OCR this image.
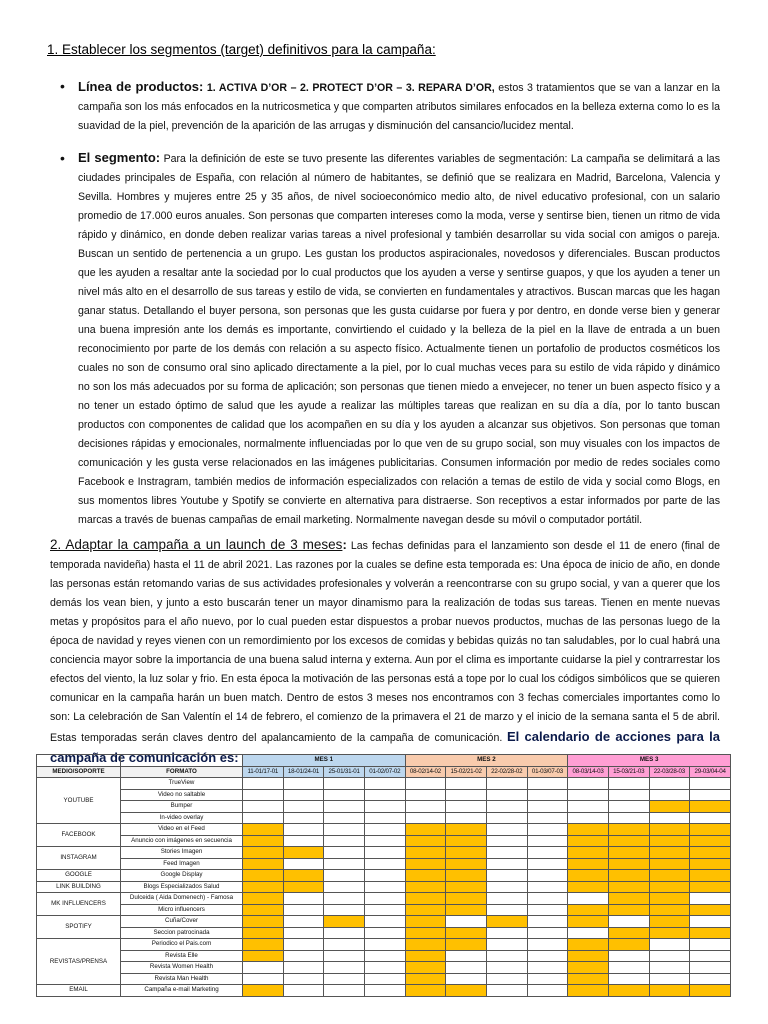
1. Establecer los segmentos (target) definitivos para la campaña:
• Línea de productos: 1. ACTIVA D’OR – 2. PROTECT D’OR – 3. REPARA D’OR, estos 3 tratamientos que se van a lanzar en la campaña son los más enfocados en la nutricosmetica y que comparten atributos similares enfocados en la belleza externa como lo es la suavidad de la piel, prevención de la aparición de las arrugas y disminución del cansancio/lucidez mental.
• El segmento: Para la definición de este se tuvo presente las diferentes variables de segmentación: La campaña se delimitará a las ciudades principales de España, con relación al número de habitantes, se definió que se realizara en Madrid, Barcelona, Valencia y Sevilla. Hombres y mujeres entre 25 y 35 años, de nivel socioeconómico medio alto, de nivel educativo profesional, con un salario promedio de 17.000 euros anuales. Son personas que comparten intereses como la moda, verse y sentirse bien, tienen un ritmo de vida rápido y dinámico, en donde deben realizar varias tareas a nivel profesional y también desarrollar su vida social con amigos o pareja. Buscan un sentido de pertenencia a un grupo. Les gustan los productos aspiracionales, novedosos y diferenciales. Buscan productos que les ayuden a resaltar ante la sociedad por lo cual productos que los ayuden a verse y sentirse guapos, y que los ayuden a tener un nivel más alto en el desarrollo de sus tareas y estilo de vida, se convierten en fundamentales y atractivos. Buscan marcas que les hagan ganar status. Detallando el buyer persona, son personas que les gusta cuidarse por fuera y por dentro, en donde verse bien y generar una buena impresión ante los demás es importante, convirtiendo el cuidado y la belleza de la piel en la llave de entrada a un buen reconocimiento por parte de los demás con relación a su aspecto físico. Actualmente tienen un portafolio de productos cosméticos los cuales no son de consumo oral sino aplicado directamente a la piel, por lo cual muchas veces para su estilo de vida rápido y dinámico no son los más adecuados por su forma de aplicación; son personas que tienen miedo a envejecer, no tener un buen aspecto físico y a no tener un estado óptimo de salud que les ayude a realizar las múltiples tareas que realizan en su día a día, por lo tanto buscan productos con componentes de calidad que los acompañen en su día y los ayuden a alcanzar sus objetivos. Son personas que toman decisiones rápidas y emocionales, normalmente influenciadas por lo que ven de su grupo social, son muy visuales con los impactos de comunicación y les gusta verse relacionados en las imágenes publicitarias. Consumen información por medio de redes sociales como Facebook e Instragram, también medios de información especializados con relación a temas de estilo de vida y social como Blogs, en sus momentos libres Youtube y Spotify se convierte en alternativa para distraerse. Son receptivos a estar informados por parte de las marcas a través de buenas campañas de email marketing. Normalmente navegan desde su móvil o computador portátil.
2. Adaptar la campaña a un launch de 3 meses: Las fechas definidas para el lanzamiento son desde el 11 de enero (final de temporada navideña) hasta el 11 de abril 2021. Las razones por la cuales se define esta temporada es: Una época de inicio de año, en donde las personas están retomando varias de sus actividades profesionales y volverán a reencontrarse con su grupo social, y van a querer que los demás los vean bien, y junto a esto buscarán tener un mayor dinamismo para la realización de todas sus tareas. Tienen en mente nuevas metas y propósitos para el año nuevo, por lo cual pueden estar dispuestos a probar nuevos productos, muchas de las personas luego de la época de navidad y reyes vienen con un remordimiento por los excesos de comidas y bebidas quizás no tan saludables, por lo cual habrá una conciencia mayor sobre la importancia de una buena salud interna y externa. Aun por el clima es importante cuidarse la piel y contrarrestar los efectos del viento, la luz solar y frio. En esta época la motivación de las personas está a tope por lo cual los códigos simbólicos que se quieren comunicar en la campaña harán un buen match. Dentro de estos 3 meses nos encontramos con 3 fechas comerciales importantes como lo son: La celebración de San Valentín el 14 de febrero, el comienzo de la primavera el 21 de marzo y el inicio de la semana santa el 5 de abril. Estas temporadas serán claves dentro del apalancamiento de la campaña de comunicación. El calendario de acciones para la campaña de comunicación es:
			MES 1				MES 2				MES 3			
MEDIO/SOPORTE	FORMATO	11-01/17-01	18-01/24-01	25-01/31-01	01-02/07-02	08-02/14-02	15-02/21-02	22-02/28-02	01-03/07-03	08-03/14-03	15-03/21-03	22-03/28-03	29-03/04-04
YOUTUBE	TrueView												
	Video no saltable												
	Bumper												
	In-video overlay												
FACEBOOK	Video en el Feed												
	Anuncio con imágenes en secuencia												
INSTAGRAM	Stories Imagen												
	Feed Imagen												
GOOGLE	Google Display												
LINK BUILDING	Blogs Especializados Salud												
MK INFLUENCERS	Dulceida ( Aida Domenech) - Famosa												
	Micro influencers												
SPOTIFY	Cuña/Cover												
	Seccion patrocinada												
REVISTAS/PRENSA	Periodico el Pais.com												
	Revista Elle												
	Revista Women Health												
	Revista Man Health												
EMAIL	Campaña e-mail Marketing												
